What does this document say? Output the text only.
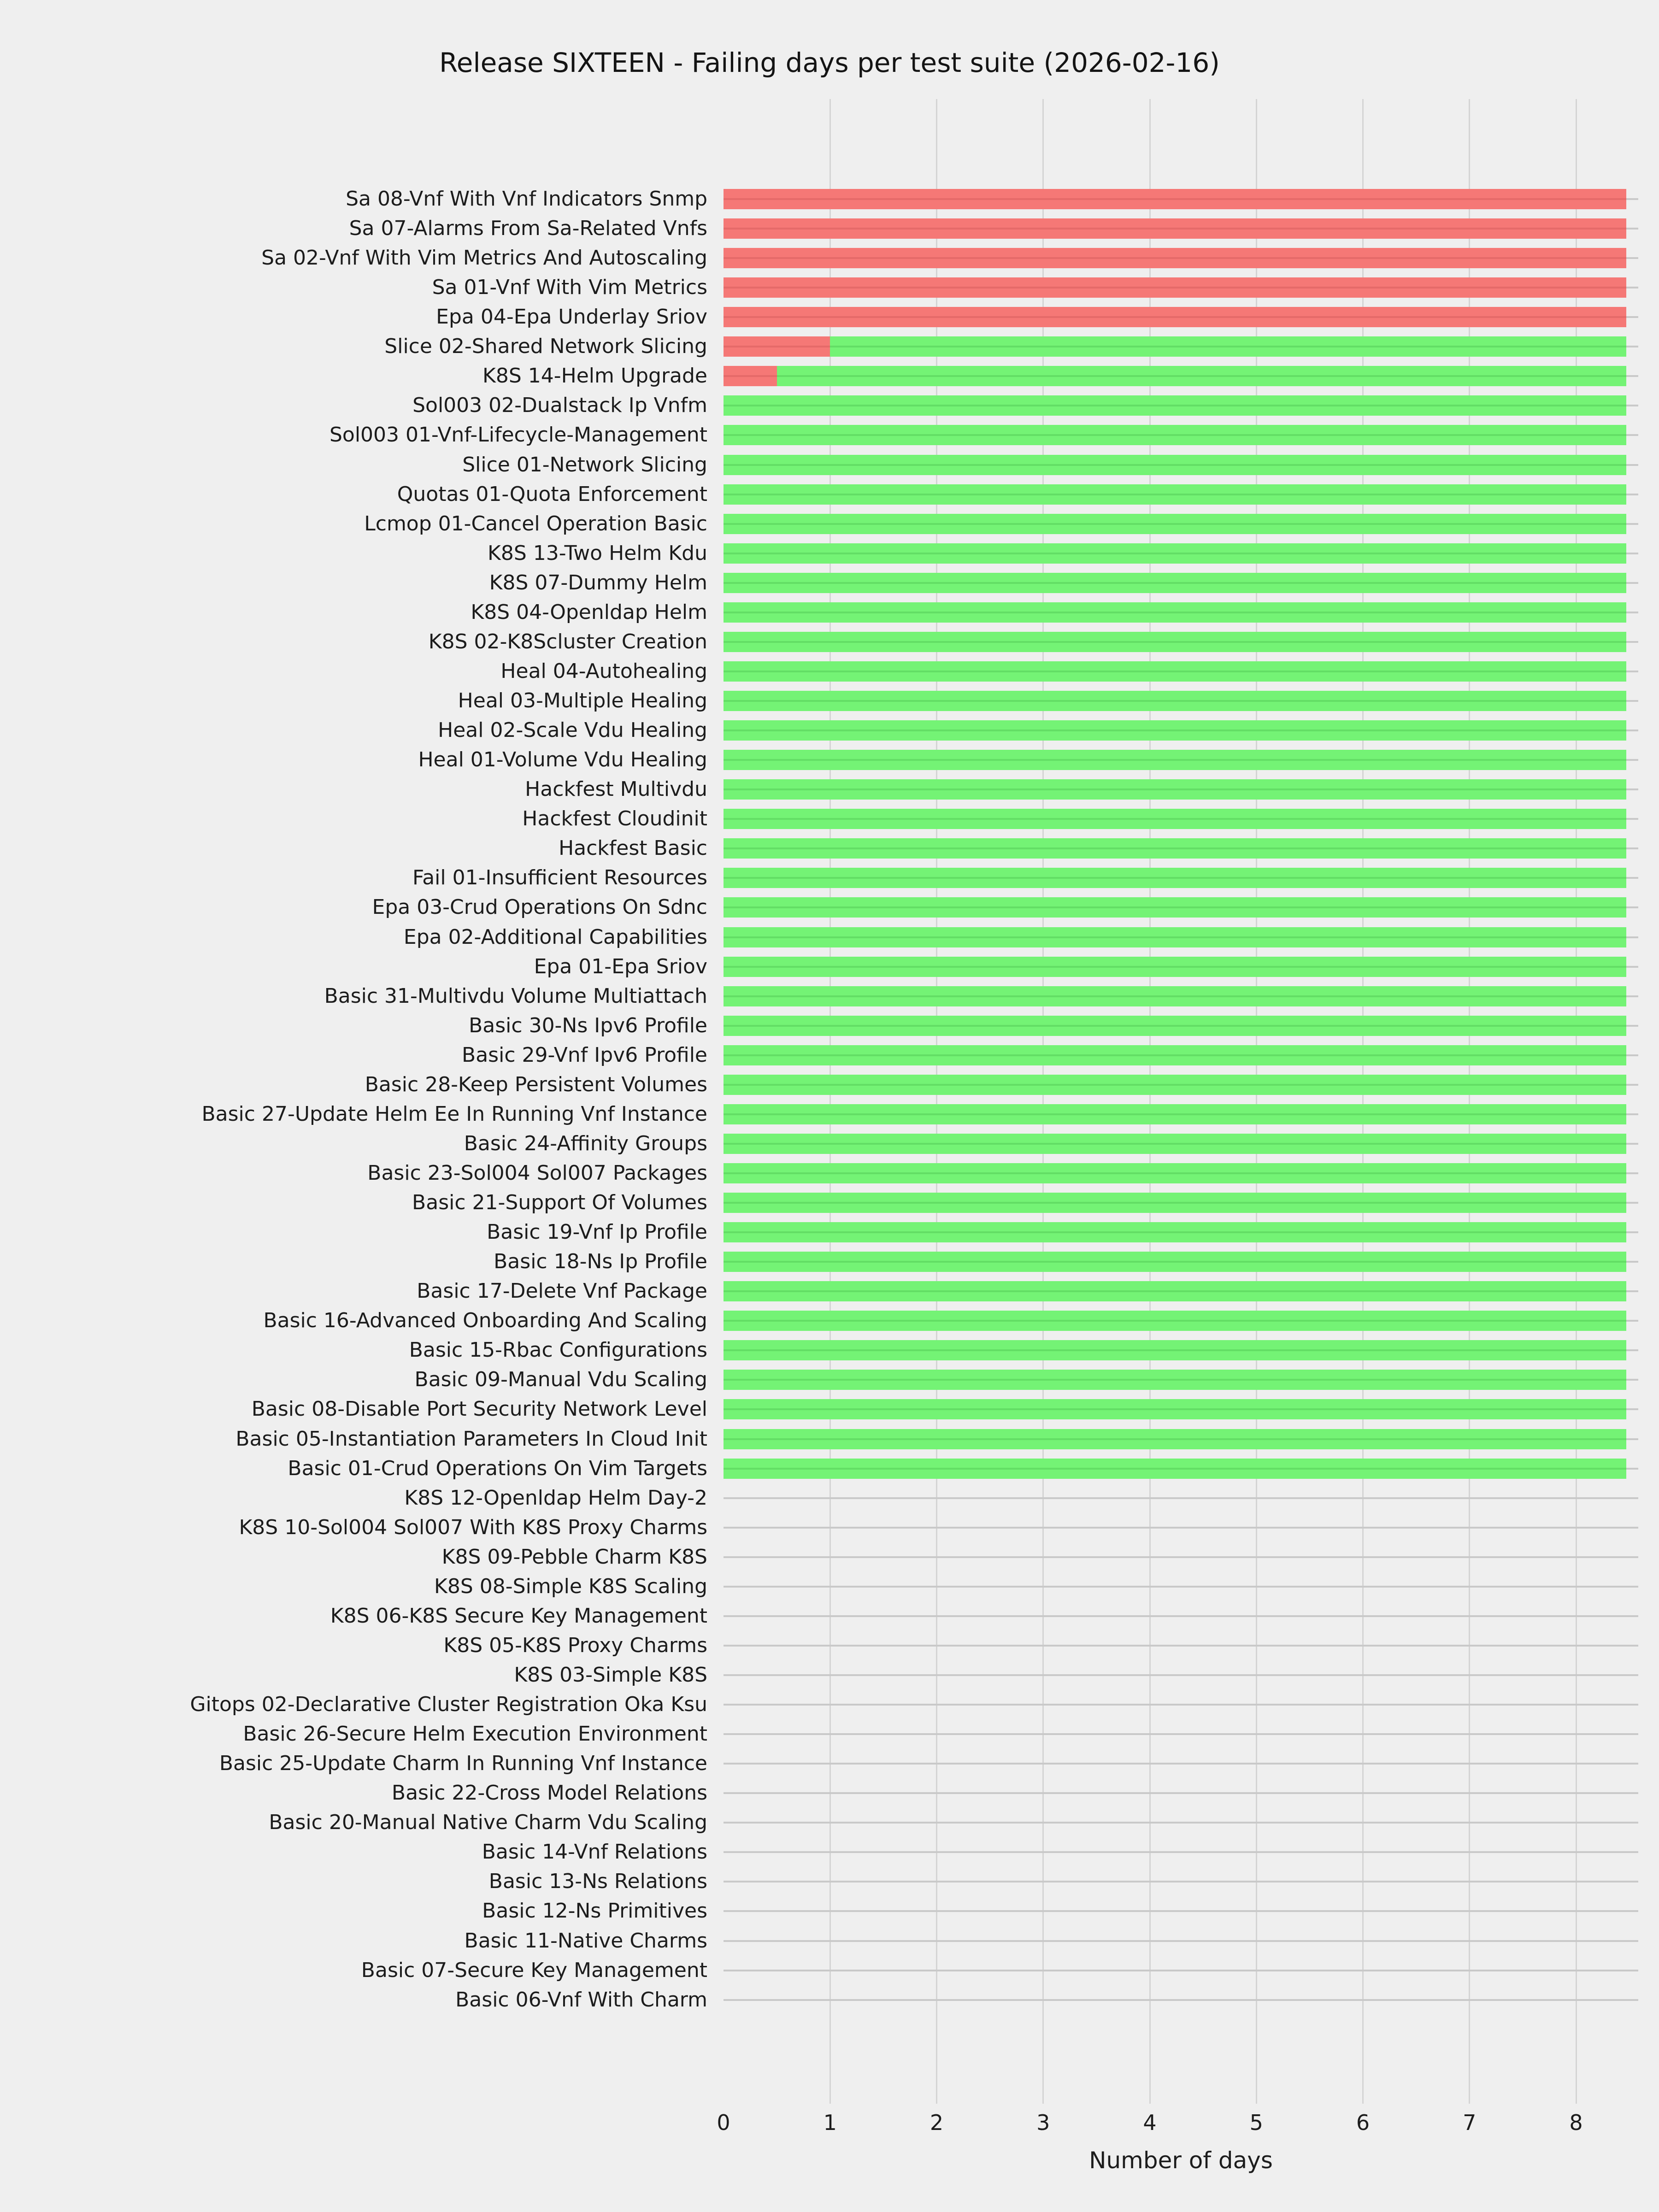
Release SIXTEEN - Failing days per test suite (2026-02-16)
Sa 08-Vnf With Vnf Indicators Snmp
Sa 07-Alarms From Sa-Related Vnfs
Sa 02-Vnf With Vim Metrics And Autoscaling
Sa 01-Vnf With Vim Metrics
Epa 04-Epa Underlay Sriov
Slice 02-Shared Network Slicing
K8S 14-Helm Upgrade
Sol003 02-Dualstack Ip Vnfm
Sol003 01-Vnf-Lifecycle-Management
Slice 01-Network Slicing
Quotas 01-Quota Enforcement
Lcmop 01-Cancel Operation Basic
K8S 13-Two Helm Kdu
K8S 07-Dummy Helm
K8S 04-Openldap Helm
K8S 02-K8Scluster Creation
Heal 04-Autohealing
Heal 03-Multiple Healing
Heal 02-Scale Vdu Healing
Heal 01-Volume Vdu Healing
Hackfest Multivdu
Hackfest Cloudinit
Hackfest Basic
Fail 01-Insufficient Resources
Epa 03-Crud Operations On Sdnc
Epa 02-Additional Capabilities
Epa 01-Epa Sriov
Basic 31-Multivdu Volume Multiattach
Basic 30-Ns Ipv6 Profile
Basic 29-Vnf Ipv6 Profile
Basic 28-Keep Persistent Volumes
Basic 27-Update Helm Ee In Running Vnf Instance
Basic 24-Affinity Groups
Basic 23-Sol004 Sol007 Packages
Basic 21-Support Of Volumes
Basic 19-Vnf Ip Profile
Basic 18-Ns Ip Profile
Basic 17-Delete Vnf Package
Basic 16-Advanced Onboarding And Scaling
Basic 15-Rbac Configurations
Basic 09-Manual Vdu Scaling
Basic 08-Disable Port Security Network Level
Basic 05-Instantiation Parameters In Cloud Init
Basic 01-Crud Operations On Vim Targets
K8S 12-Openldap Helm Day-2
K8S 10-Sol004 Sol007 With K8S Proxy Charms
K8S 09-Pebble Charm K8S
K8S 08-Simple K8S Scaling
K8S 06-K8S Secure Key Management
K8S 05-K8S Proxy Charms
K8S 03-Simple K8S
Gitops 02-Declarative Cluster Registration Oka Ksu
Basic 26-Secure Helm Execution Environment
Basic 25-Update Charm In Running Vnf Instance
Basic 22-Cross Model Relations
Basic 20-Manual Native Charm Vdu Scaling
Basic 14-Vnf Relations
Basic 13-Ns Relations
Basic 12-Ns Primitives
Basic 11-Native Charms
Basic 07-Secure Key Management
Basic 06-Vnf With Charm
0	1	2	3	4	5	6	7	8
Number of days
